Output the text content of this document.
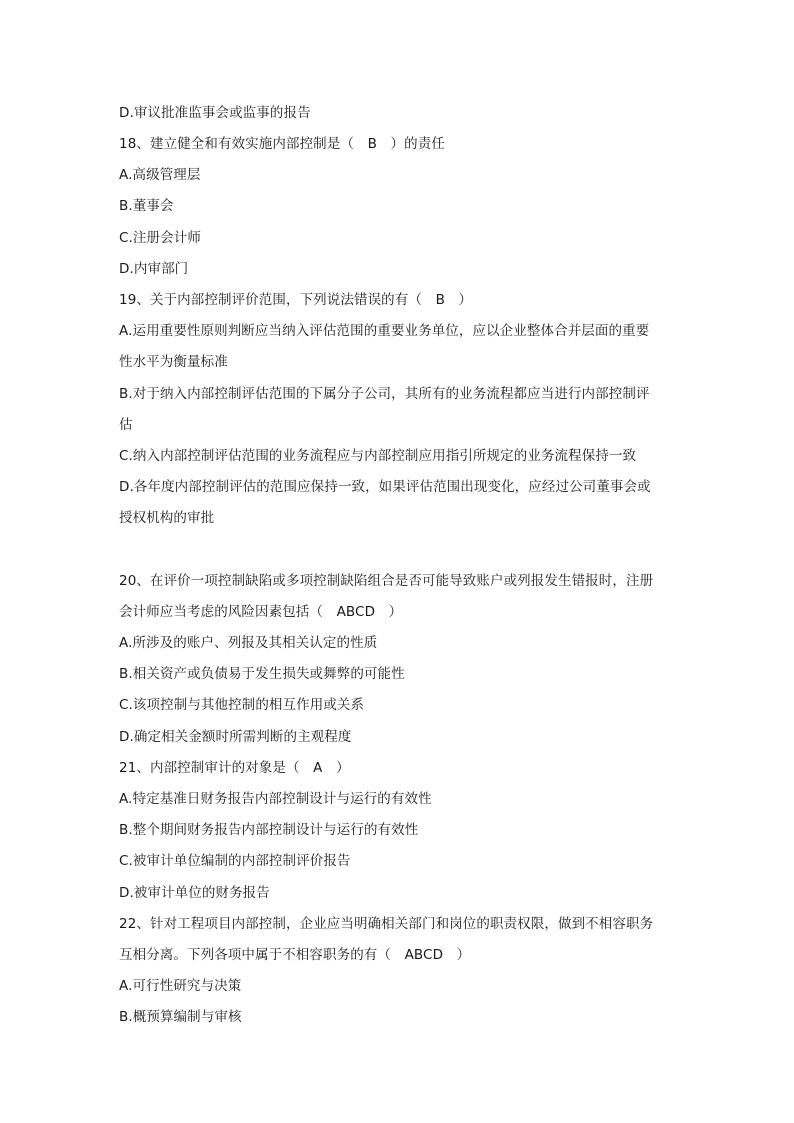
D.审议批准监事会或监事的报告
18、建立健全和有效实施内部控制是（　B　）的责任
A.高级管理层
B.董事会
C.注册会计师
D.内审部门
19、关于内部控制评价范围，下列说法错误的有（　B　）
A.运用重要性原则判断应当纳入评估范围的重要业务单位，应以企业整体合并层面的重要
性水平为衡量标准
B.对于纳入内部控制评估范围的下属分子公司，其所有的业务流程都应当进行内部控制评
估
C.纳入内部控制评估范围的业务流程应与内部控制应用指引所规定的业务流程保持一致
D.各年度内部控制评估的范围应保持一致，如果评估范围出现变化，应经过公司董事会或
授权机构的审批
20、在评价一项控制缺陷或多项控制缺陷组合是否可能导致账户或列报发生错报时，注册
会计师应当考虑的风险因素包括（　ABCD　）
A.所涉及的账户、列报及其相关认定的性质
B.相关资产或负债易于发生损失或舞弊的可能性
C.该项控制与其他控制的相互作用或关系
D.确定相关金额时所需判断的主观程度
21、内部控制审计的对象是（　A　）
A.特定基准日财务报告内部控制设计与运行的有效性
B.整个期间财务报告内部控制设计与运行的有效性
C.被审计单位编制的内部控制评价报告
D.被审计单位的财务报告
22、针对工程项目内部控制，企业应当明确相关部门和岗位的职责权限，做到不相容职务
互相分离。下列各项中属于不相容职务的有（　ABCD　）
A.可行性研究与决策
B.概预算编制与审核
